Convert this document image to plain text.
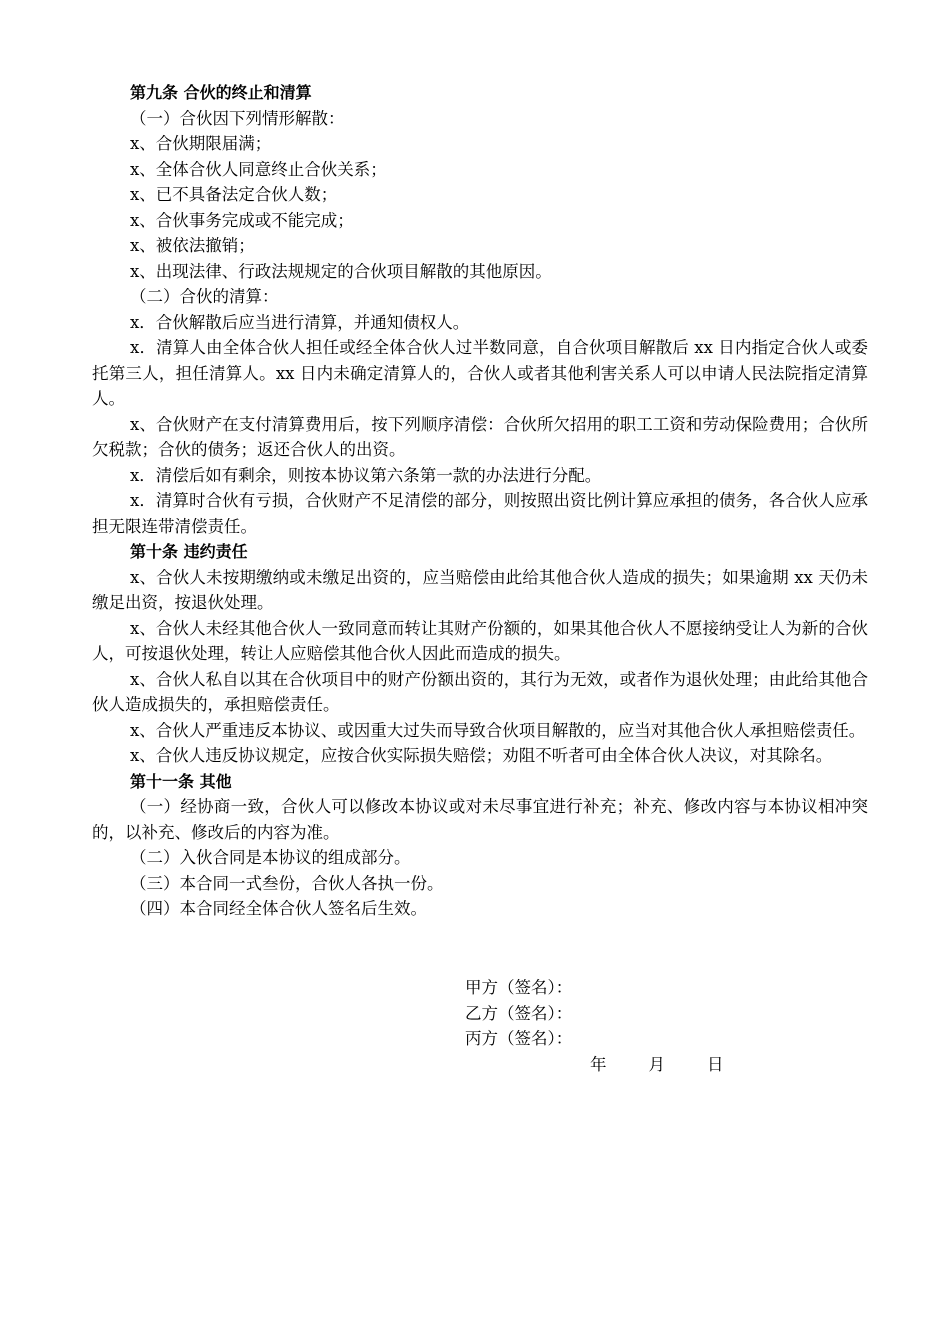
第九条 合伙的终止和清算

（一）合伙因下列情形解散：

x、合伙期限届满；

x、全体合伙人同意终止合伙关系；

x、已不具备法定合伙人数；

x、合伙事务完成或不能完成；

x、被依法撤销；

x、出现法律、行政法规规定的合伙项目解散的其他原因。

（二）合伙的清算：

x．合伙解散后应当进行清算，并通知债权人。

x．清算人由全体合伙人担任或经全体合伙人过半数同意，自合伙项目解散后 xx 日内指定合伙人或委托第三人，担任清算人。xx 日内未确定清算人的，合伙人或者其他利害关系人可以申请人民法院指定清算人。

x、合伙财产在支付清算费用后，按下列顺序清偿：合伙所欠招用的职工工资和劳动保险费用；合伙所欠税款；合伙的债务；返还合伙人的出资。

x．清偿后如有剩余，则按本协议第六条第一款的办法进行分配。

x．清算时合伙有亏损，合伙财产不足清偿的部分，则按照出资比例计算应承担的债务，各合伙人应承担无限连带清偿责任。

第十条 违约责任

x、合伙人未按期缴纳或未缴足出资的，应当赔偿由此给其他合伙人造成的损失；如果逾期 xx 天仍未缴足出资，按退伙处理。

x、合伙人未经其他合伙人一致同意而转让其财产份额的，如果其他合伙人不愿接纳受让人为新的合伙人，可按退伙处理，转让人应赔偿其他合伙人因此而造成的损失。

x、合伙人私自以其在合伙项目中的财产份额出资的，其行为无效，或者作为退伙处理；由此给其他合伙人造成损失的，承担赔偿责任。

x、合伙人严重违反本协议、或因重大过失而导致合伙项目解散的，应当对其他合伙人承担赔偿责任。

x、合伙人违反协议规定，应按合伙实际损失赔偿；劝阻不听者可由全体合伙人决议，对其除名。

第十一条 其他

（一）经协商一致，合伙人可以修改本协议或对未尽事宜进行补充；补充、修改内容与本协议相冲突的，以补充、修改后的内容为准。

（二）入伙合同是本协议的组成部分。

（三）本合同一式叁份，合伙人各执一份。

（四）本合同经全体合伙人签名后生效。

甲方（签名）：
乙方（签名）：
丙方（签名）：
年	月	日
